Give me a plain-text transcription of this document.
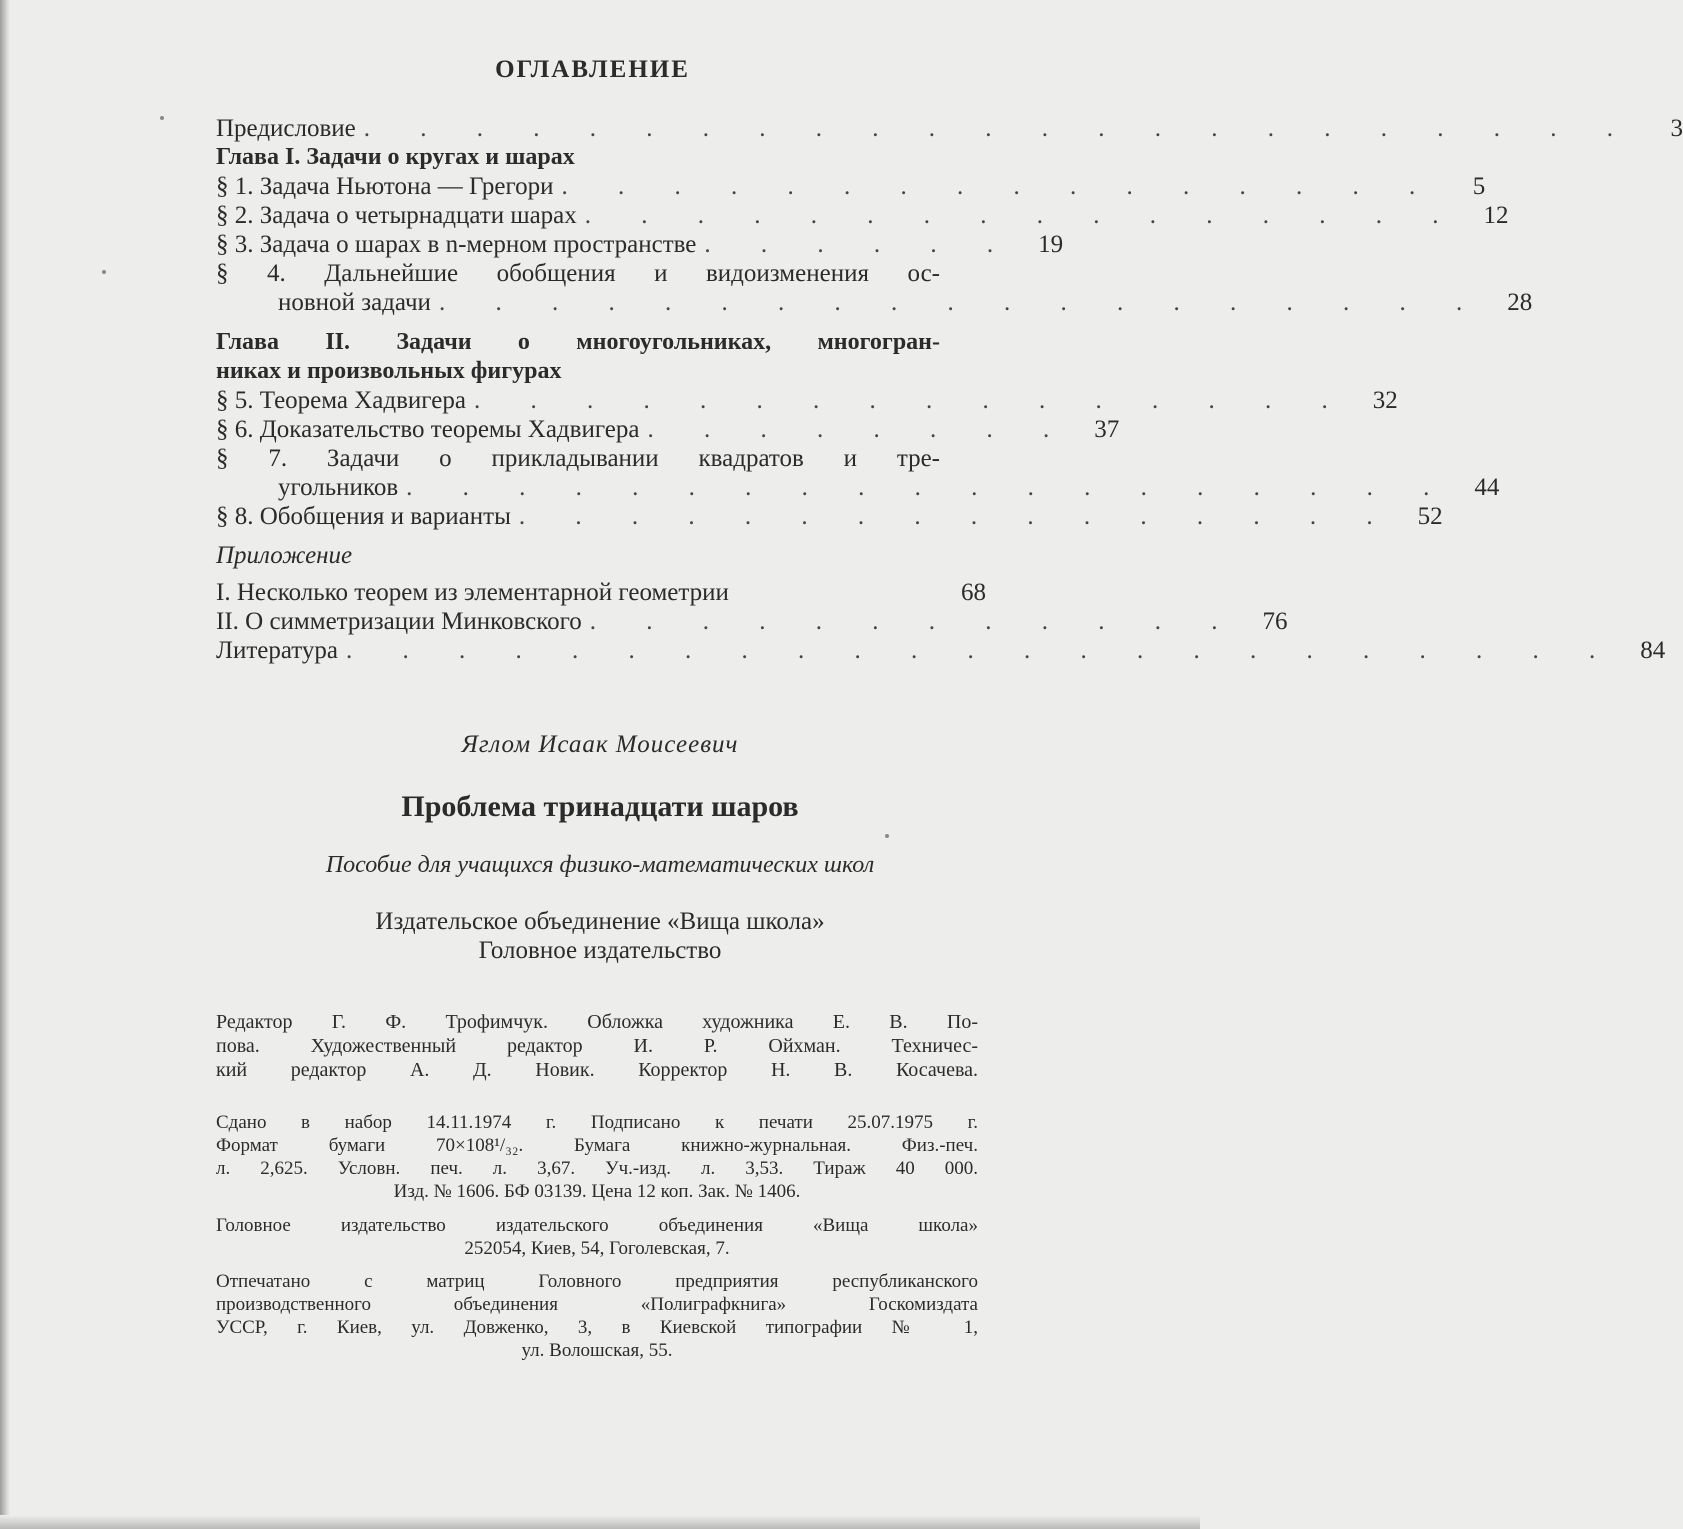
ОГЛАВЛЕНИЕ
Предисловие . . . . . . . . . . . . . . . . . . . . . . .	3
Глава I. Задачи о кругах и шарах
§ 1. Задача Ньютона — Грегори . . . . . . . . . . . . . . . .	5
§ 2. Задача о четырнадцати шарах . . . . . . . . . . . . . . . . 12
§ 3. Задача о шарах в n-мерном пространстве . . . . . . 19
§ 4. Дальнейшие обобщения и видоизменения ос-
новной задачи . . . . . . . . . . . . . . . . . . . 28
Глава II. Задачи о многоугольниках, многогран-
никах и произвольных фигурах
§ 5. Теорема Хадвигера . . . . . . . . . . . . . . . . 32
§ 6. Доказательство теоремы Хадвигера . . . . . . . . 37
§ 7. Задачи о прикладывании квадратов и тре-
угольников . . . . . . . . . . . . . . . . . . . 44
§ 8. Обобщения и варианты . . . . . . . . . . . . . . . . 52
Приложение
I. Несколько теорем из элементарной геометрии	68
II. О симметризации Минковского . . . . . . . . . . . . 76
Литература . . . . . . . . . . . . . . . . . . . . . . . 84
Яглом Исаак Моисеевич
Проблема тринадцати шаров
Пособие для учащихся физико-математических школ
Издательское объединение «Вища школа»
Головное издательство
Редактор Г. Ф. Трофимчук. Обложка художника Е. В. По-
пова. Художественный редактор И. Р. Ойхман. Техничес-
кий редактор А. Д. Новик. Корректор Н. В. Косачева.
Сдано в набор 14.11.1974 г. Подписано к печати 25.07.1975 г.
Формат бумаги 70×108¹/₃₂. Бумага книжно-журнальная. Физ.-печ.
л. 2,625. Условн. печ. л. 3,67. Уч.-изд. л. 3,53. Тираж 40 000.
Изд. № 1606. БФ 03139. Цена 12 коп. Зак. № 1406.
Головное издательство издательского объединения «Вища школа»
252054, Киев, 54, Гоголевская, 7.
Отпечатано с матриц Головного предприятия республиканского
производственного объединения «Полиграфкнига» Госкомиздата
УССР, г. Киев, ул. Довженко, 3, в Киевской типографии № 1,
ул. Волошская, 55.
